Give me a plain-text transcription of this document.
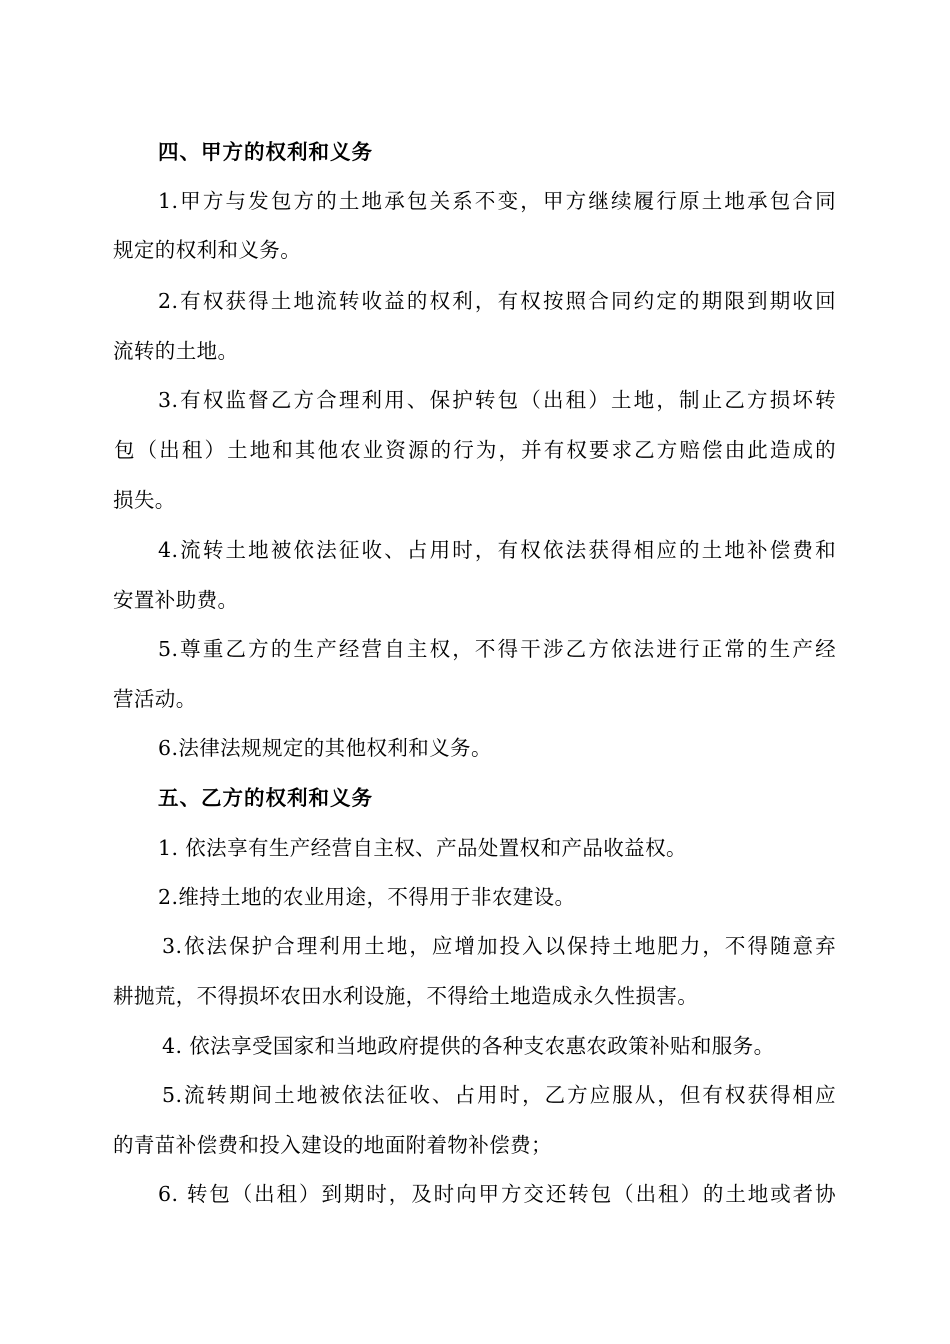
四、甲方的权利和义务

1.甲方与发包方的土地承包关系不变，甲方继续履行原土地承包合同

规定的权利和义务。

2.有权获得土地流转收益的权利，有权按照合同约定的期限到期收回

流转的土地。

3.有权监督乙方合理利用、保护转包（出租）土地，制止乙方损坏转

包（出租）土地和其他农业资源的行为，并有权要求乙方赔偿由此造成的

损失。

4.流转土地被依法征收、占用时，有权依法获得相应的土地补偿费和

安置补助费。

5.尊重乙方的生产经营自主权，不得干涉乙方依法进行正常的生产经

营活动。

6.法律法规规定的其他权利和义务。

五、乙方的权利和义务

1. 依法享有生产经营自主权、产品处置权和产品收益权。

2.维持土地的农业用途，不得用于非农建设。

3.依法保护合理利用土地，应增加投入以保持土地肥力，不得随意弃

耕抛荒，不得损坏农田水利设施，不得给土地造成永久性损害。

4. 依法享受国家和当地政府提供的各种支农惠农政策补贴和服务。

5.流转期间土地被依法征收、占用时，乙方应服从，但有权获得相应

的青苗补偿费和投入建设的地面附着物补偿费；

6. 转包（出租）到期时，及时向甲方交还转包（出租）的土地或者协
